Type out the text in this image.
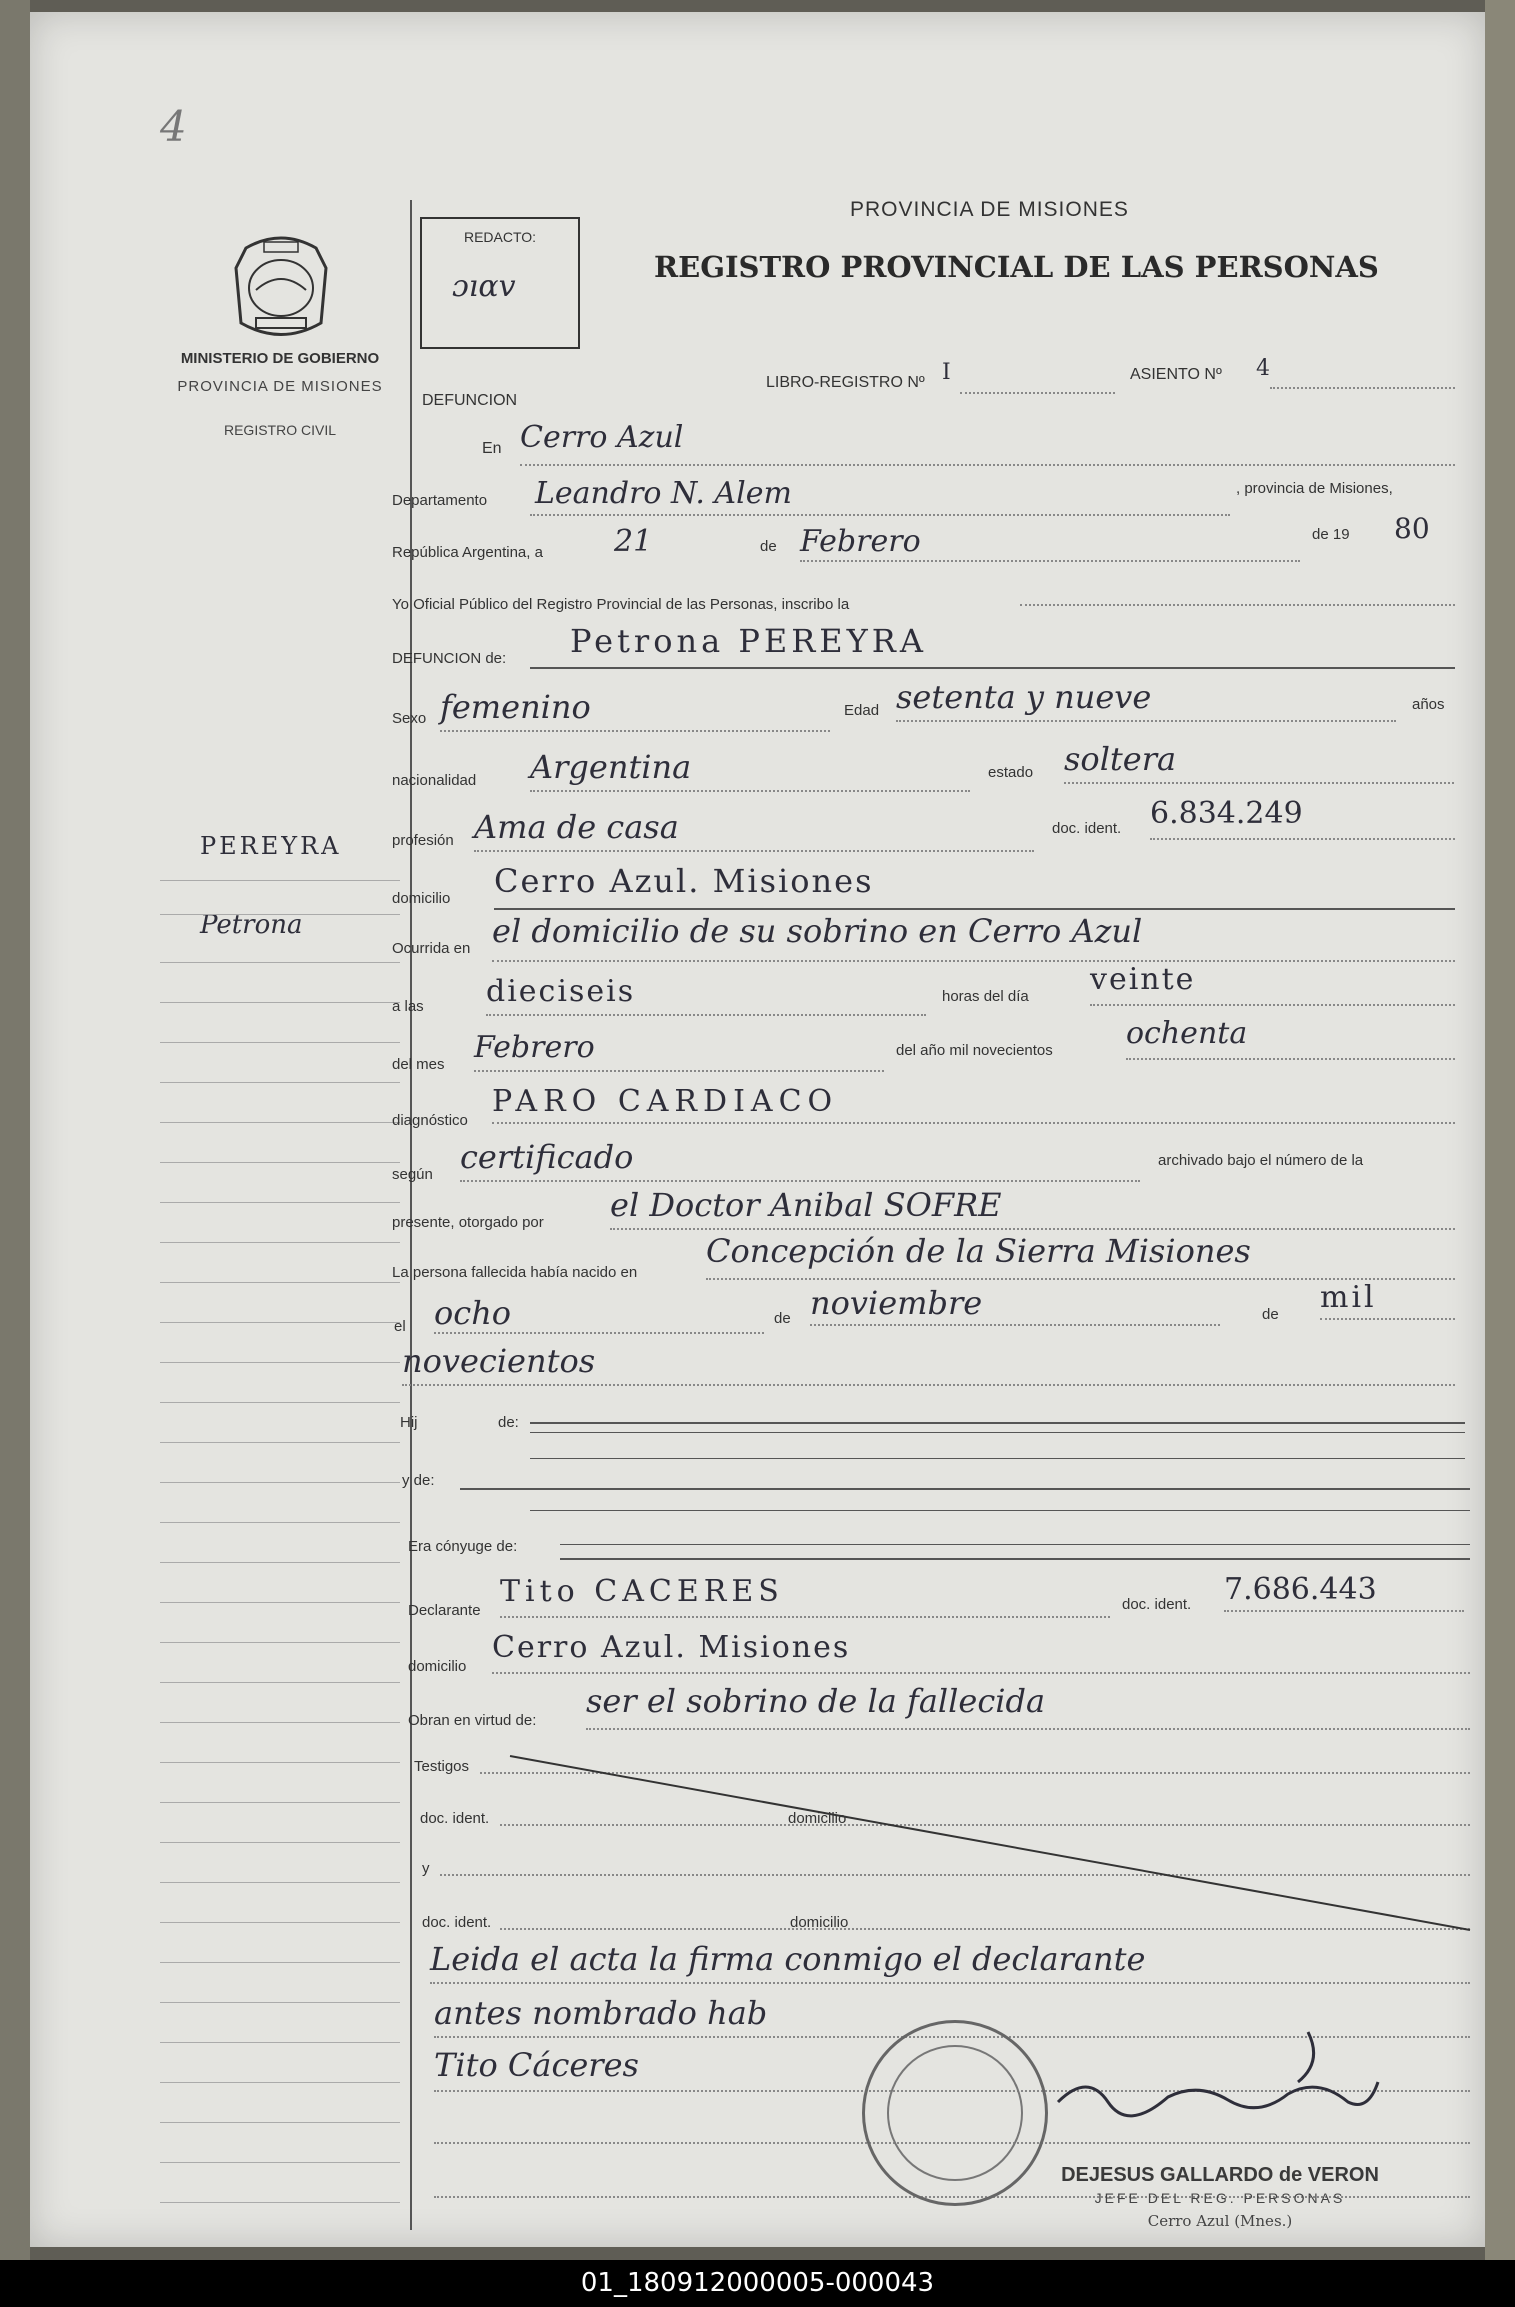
4
MINISTERIO DE GOBIERNO
PROVINCIA DE MISIONES
REGISTRO CIVIL
PEREYRA
Petrona
REDACTO:
ɔıɑv
PROVINCIA DE MISIONES
REGISTRO PROVINCIAL DE LAS PERSONAS
DEFUNCION
LIBRO-REGISTRO Nº I	ASIENTO Nº 4
En Cerro Azul
Departamento Leandro N. Alem	, provincia de Misiones,
República Argentina, a 21	de Febrero	de 19 80
Yo Oficial Público del Registro Provincial de las Personas, inscribo la
DEFUNCION de: Petrona PEREYRA
Sexo femenino	Edad setenta y nueve	años
nacionalidad Argentina	estado soltera
profesión Ama de casa	doc. ident. 6.834.249
domicilio Cerro Azul. Misiones
Ocurrida en el domicilio de su sobrino en Cerro Azul
a las dieciseis	horas del día veinte
del mes Febrero	del año mil novecientos ochenta
diagnóstico
PARO CARDIACO
según certificado	archivado bajo el número de la
presente, otorgado por el Doctor Anibal SOFRE
La persona fallecida había nacido en
Concepción de la Sierra Misiones
el ocho	de noviembre	de mil
novecientos
Hij	de:
y de:
Era cónyuge de:
Declarante
Tito CACERES	doc. ident. 7.686.443
domicilio
Cerro Azul. Misiones
Obran en virtud de:
ser el sobrino de la fallecida
Testigos
doc. ident.	domicilio
y
doc. ident.	domicilio
Leida el acta la firma conmigo el declarante
antes nombrado hab
Tito Cáceres
DEJESUS GALLARDO de VERON
JEFE DEL REG. PERSONAS
Cerro Azul (Mnes.)
01_180912000005-000043
